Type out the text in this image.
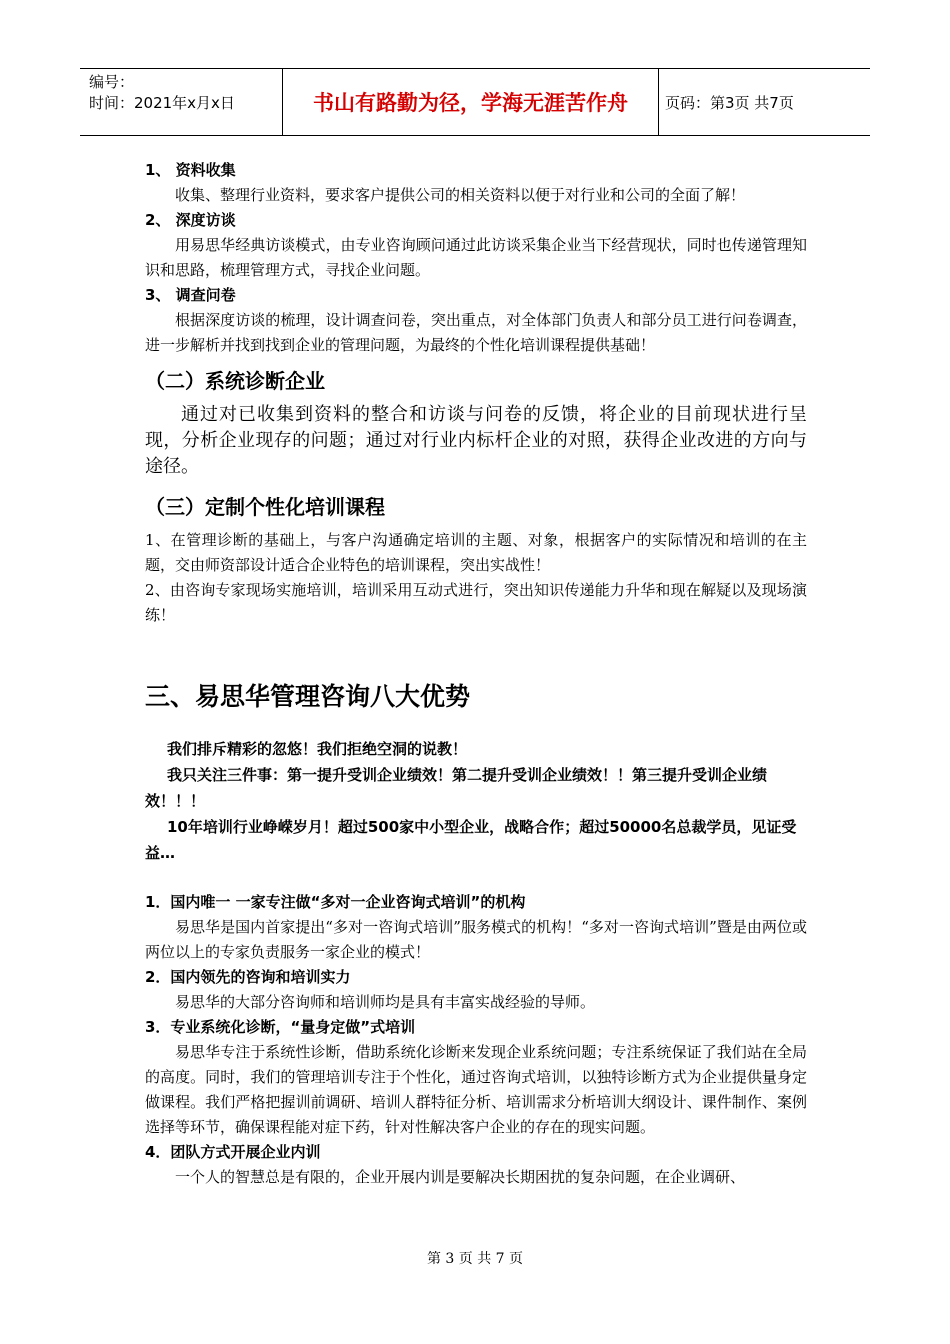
编号：
时间：2021年x月x日	书山有路勤为径，学海无涯苦作舟	页码：第3页 共7页
1、 资料收集
收集、整理行业资料，要求客户提供公司的相关资料以便于对行业和公司的全面了解！
2、 深度访谈
用易思华经典访谈模式，由专业咨询顾问通过此访谈采集企业当下经营现状，同时也传递管理知识和思路，梳理管理方式，寻找企业问题。
3、 调查问卷
根据深度访谈的梳理，设计调查问卷，突出重点，对全体部门负责人和部分员工进行问卷调查，进一步解析并找到找到企业的管理问题，为最终的个性化培训课程提供基础！
（二）系统诊断企业
通过对已收集到资料的整合和访谈与问卷的反馈，将企业的目前现状进行呈现，分析企业现存的问题；通过对行业内标杆企业的对照，获得企业改进的方向与途径。
（三）定制个性化培训课程
1、在管理诊断的基础上，与客户沟通确定培训的主题、对象，根据客户的实际情况和培训的在主题，交由师资部设计适合企业特色的培训课程，突出实战性！
2、由咨询专家现场实施培训，培训采用互动式进行，突出知识传递能力升华和现在解疑以及现场演练！
三、易思华管理咨询八大优势
我们排斥精彩的忽悠！我们拒绝空洞的说教！
我只关注三件事：第一提升受训企业绩效！第二提升受训企业绩效！！第三提升受训企业绩效！！！
10年培训行业峥嵘岁月！超过500家中小型企业，战略合作；超过50000名总裁学员，见证受益…
1．国内唯一 一家专注做“多对一企业咨询式培训”的机构
易思华是国内首家提出“多对一咨询式培训”服务模式的机构！“多对一咨询式培训”暨是由两位或两位以上的专家负责服务一家企业的模式！
2．国内领先的咨询和培训实力
易思华的大部分咨询师和培训师均是具有丰富实战经验的导师。
3．专业系统化诊断，“量身定做”式培训
易思华专注于系统性诊断，借助系统化诊断来发现企业系统问题；专注系统保证了我们站在全局的高度。同时，我们的管理培训专注于个性化，通过咨询式培训，以独特诊断方式为企业提供量身定做课程。我们严格把握训前调研、培训人群特征分析、培训需求分析培训大纲设计、课件制作、案例选择等环节，确保课程能对症下药，针对性解决客户企业的存在的现实问题。
4．团队方式开展企业内训
一个人的智慧总是有限的，企业开展内训是要解决长期困扰的复杂问题，在企业调研、
第 3 页 共 7 页
